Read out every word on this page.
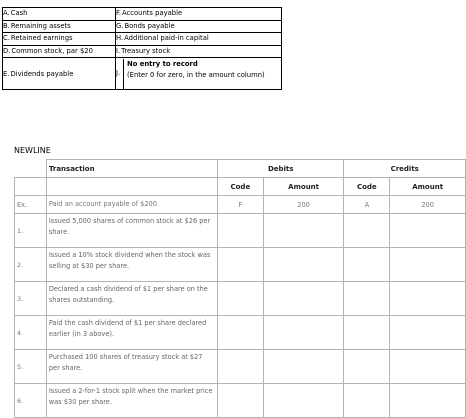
A.Cash	F.Accounts payable
B.Remaining assets	G.Bonds payable
C.Retained earnings	H.Additional paid-in capital
D.Common stock, par $20	I.Treasury stock
E.Dividends payable	J.
No entry to record
(Enter 0 for zero, in the amount column)
NEWLINE
	Transaction	Debits		Credits	
		Code	Amount	Code	Amount
Ex.	Paid an account payable of $200.	F	200	A	200
1.	Issued 5,000 shares of common stock at $26 per share.				
2.	Issued a 10% stock dividend when the stock was selling at $30 per share.				
3.	Declared a cash dividend of $1 per share on the shares outstanding.				
4.	Paid the cash dividend of $1 per share declared earlier (in 3 above).				
5.	Purchased 100 shares of treasury stock at $27 per share.				
6.	Issued a 2-for-1 stock split when the market price was $30 per share.				
